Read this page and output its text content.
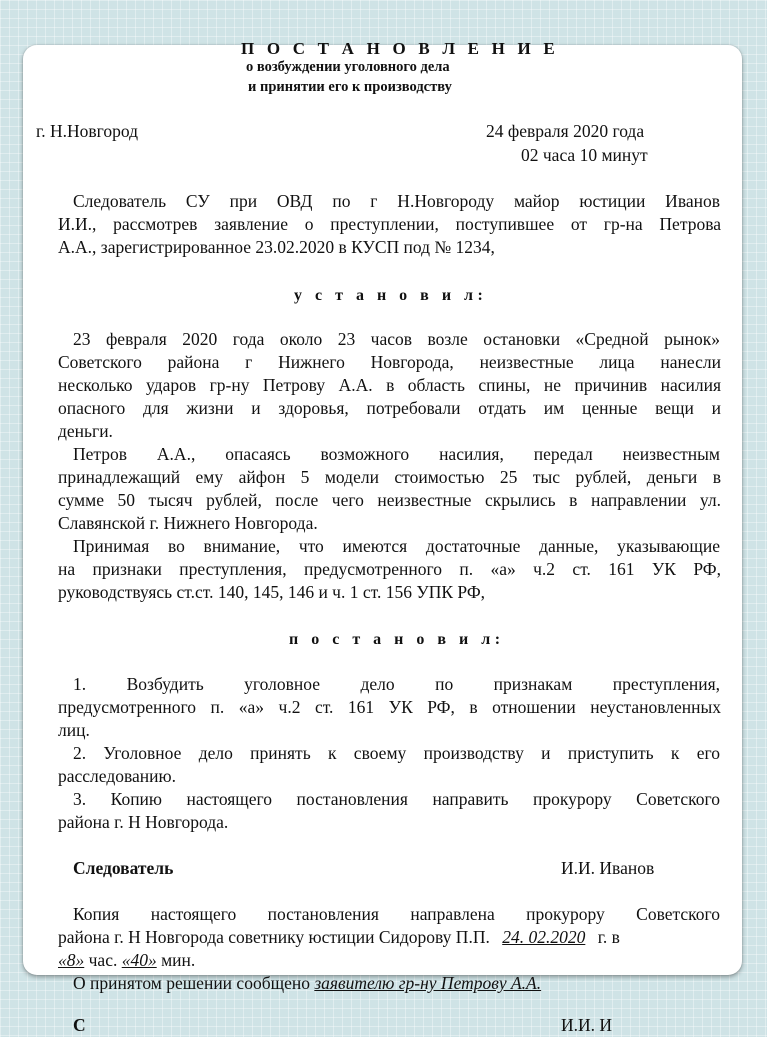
П О С Т А Н О В Л Е Н И Е
о возбуждении уголовного дела
и принятии его к производству
г. Н.Новгород	24 февраля 2020 года
02 часа 10 минут
Следователь СУ при ОВД по г Н.Новгороду майор юстиции Иванов
И.И., рассмотрев заявление о преступлении, поступившее от гр-на Петрова
А.А., зарегистрированное 23.02.2020 в КУСП под № 1234,
у с т а н о в и л:
23 февраля 2020 года около 23 часов возле остановки «Средной рынок»
Советского района г Нижнего Новгорода, неизвестные лица нанесли
несколько ударов гр-ну Петрову А.А. в область спины, не причинив насилия
опасного для жизни и здоровья, потребовали отдать им ценные вещи и
деньги.
Петров А.А., опасаясь возможного насилия, передал неизвестным
принадлежащий ему айфон 5 модели стоимостью 25 тыс рублей, деньги в
сумме 50 тысяч рублей, после чего неизвестные скрылись в направлении ул.
Славянской г. Нижнего Новгорода.
Принимая во внимание, что имеются достаточные данные, указывающие
на признаки преступления, предусмотренного п. «а» ч.2 ст. 161 УК РФ,
руководствуясь ст.ст. 140, 145, 146 и ч. 1 ст. 156 УПК РФ,
п о с т а н о в и л:
1. Возбудить уголовное дело по признакам преступления,
предусмотренного п. «а» ч.2 ст. 161 УК РФ, в отношении неустановленных
лиц.
2. Уголовное дело принять к своему производству и приступить к его
расследованию.
3. Копию настоящего постановления направить прокурору Советского
района г. Н Новгорода.
Следователь	И.И. Иванов
Копия настоящего постановления направлена прокурору Советского
района г. Н Новгорода советнику юстиции Сидорову П.П. 24. 02.2020 г. в
«8» час. «40» мин.
О принятом решении сообщено заявителю гр-ну Петрову А.А.
С	И.И. И
